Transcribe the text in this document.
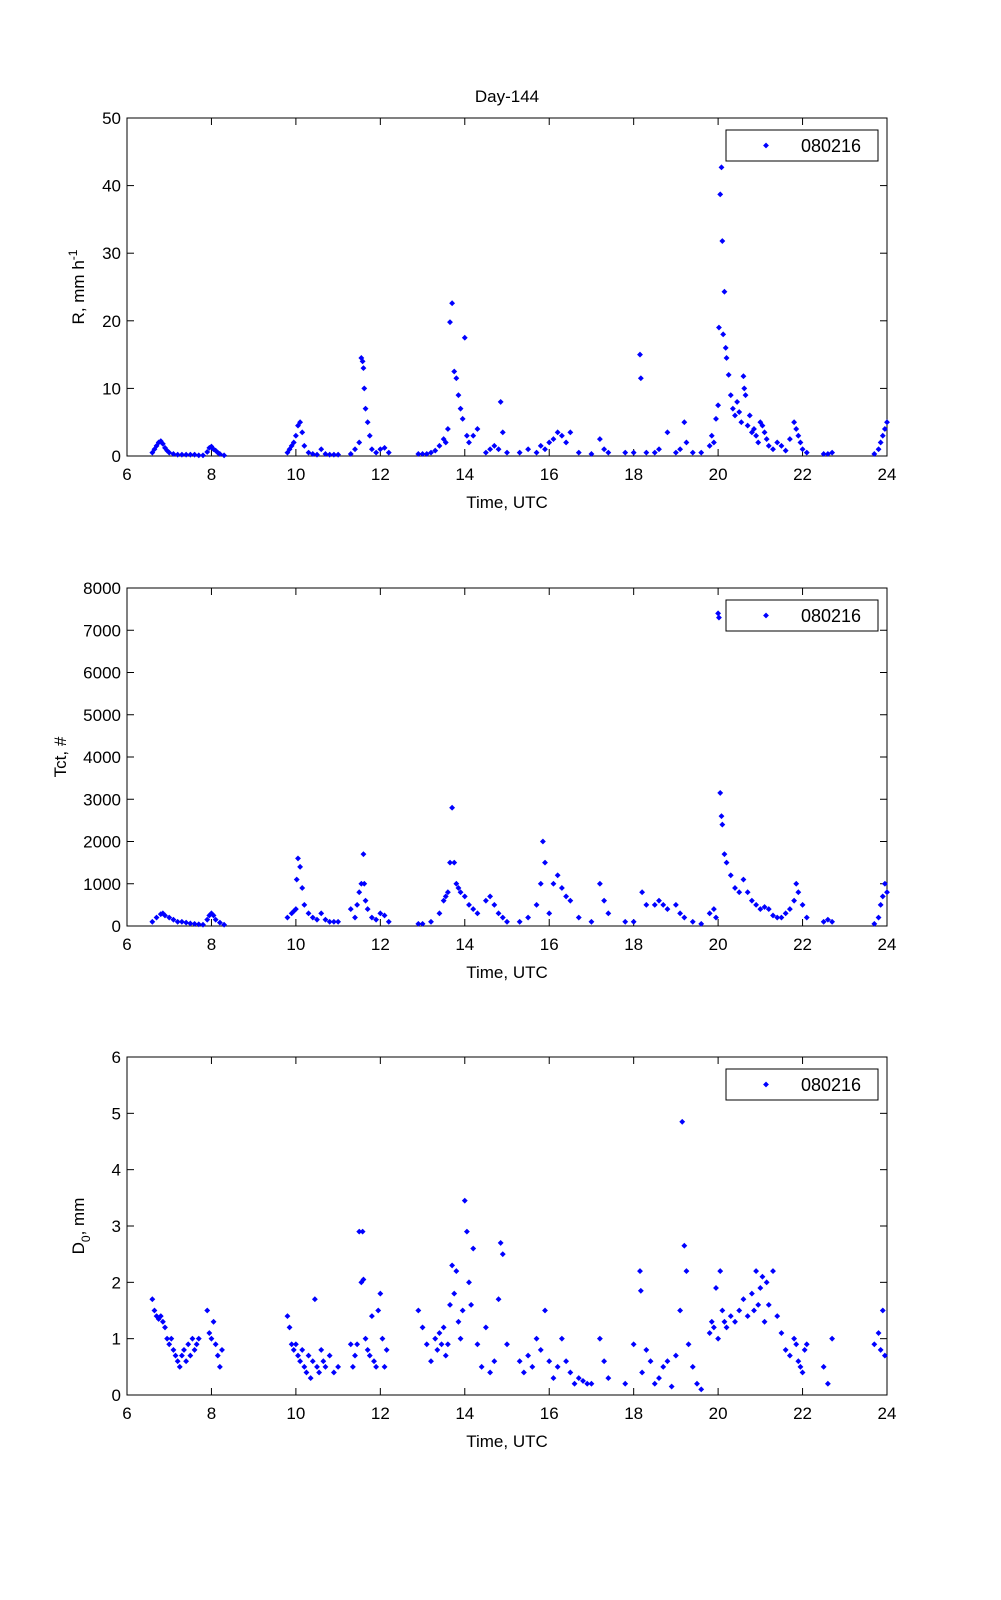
Day-144
6	8	10	12	14	16	18	20	22	24
0
10
20
30
40
50
Time, UTC
R, mm $h^{-1}$
080216
6	8	10	12	14	16	18	20	22	24
0
1000
2000
3000
4000
5000
6000
7000
8000
Time, UTC
Tct, #
080216
6	8	10	12	14	16	18	20	22	24
0
1
2
3
4
5
6
Time, UTC
$D_0$, mm
080216
